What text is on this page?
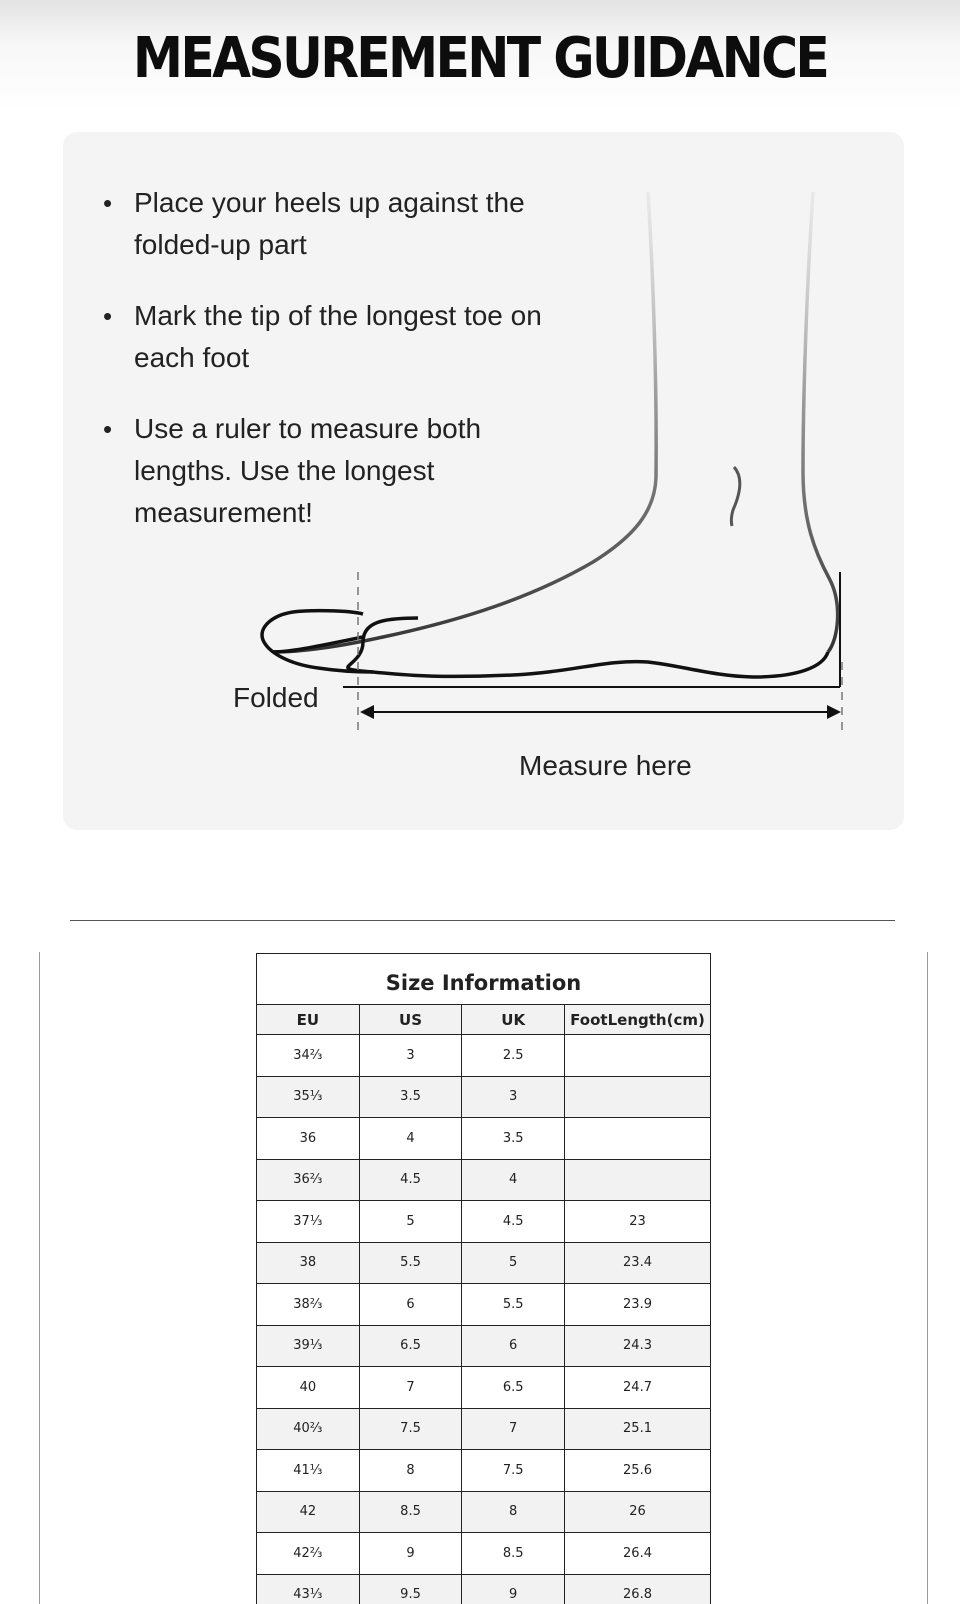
MEASUREMENT GUIDANCE
• Place your heels up against the folded-up part
• Mark the tip of the longest toe on each foot
• Use a ruler to measure both lengths. Use the longest measurement!
Folded
Measure here
Size Information			
EU	US	UK	FootLength(cm)
34⅔	3	2.5	
35⅓	3.5	3	
36	4	3.5	
36⅔	4.5	4	
37⅓	5	4.5	23
38	5.5	5	23.4
38⅔	6	5.5	23.9
39⅓	6.5	6	24.3
40	7	6.5	24.7
40⅔	7.5	7	25.1
41⅓	8	7.5	25.6
42	8.5	8	26
42⅔	9	8.5	26.4
43⅓	9.5	9	26.8
